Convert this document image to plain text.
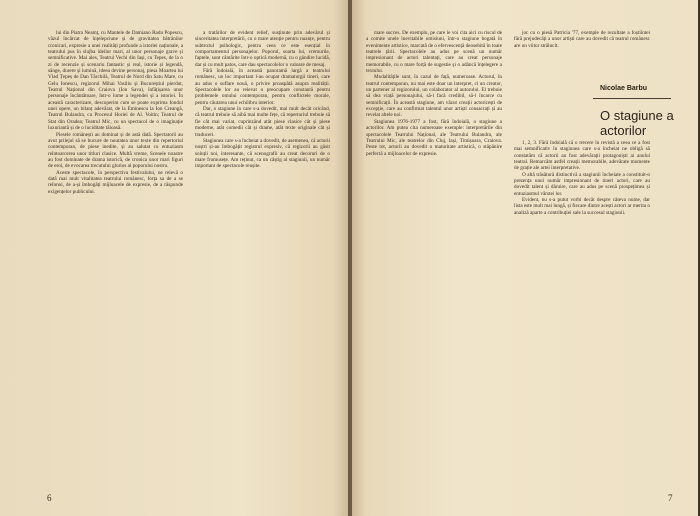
lui din Piatra Neamț, cu Mantele de Damiano Radu Popescu, văzul încărcat de înțelepciune și de gravitatea bătrânilor cronicari, expresie a unei realități profunde a istoriei naționale, a teatrului pus în slujba ideilor mari, al unor personaje grave și semnificative. Mai ales, Teatrul Vechi din Iași, cu Tepes, de la o zi de recenzie și scenariu fantastic și real, istorie și legendă, sânge, durere și lumină, ideea devine personaj, piesa Moartea lui Vlad Țepeș de Dan Tărchilă, Teatrul de Nord din Satu Mare, cu Gelu Ionescu, regizorul Mihai Vasiliu și Bucureștiul pierdut, Teatrul Național din Craiova (Ion Sava), înfățișarea unor personaje încântătoare, într-o lume a legendei și a istoriei. În această caracterizare, descoperim cum se poate exprima fondul unei opere, un bilanț adevărat, de la Eminescu la Ion Creangă, Teatrul Bulandra, cu Procesul Horiei de Al. Voitin; Teatrul de Stat din Oradea; Teatrul Mic, cu un spectacol de o imaginație luxuriantă și de o luciditate tăioasă.

Piesele românești au dominat și de astă dată. Spectatorii au avut prilejul să se bucure de noutatea unor texte din repertoriul contemporan, de piese inedite, și au salutat cu entuziasm reîntoarcerea unor titluri clasice. Multă vreme, Scenele noastre au fost dominate de drama istorică, de cronica unor mari figuri de eroi, de evocarea trecutului glorios al poporului nostru.

Aceste spectacole, în perspectiva festivalului, ne relevă o dată mai mult vitalitatea teatrului românesc, forța sa de a se reînnoi, de a-și îmbogăți mijloacele de expresie, de a răspunde exigențelor publicului.

a tratărilor de evident relief, susținute prin adevărul și sinceritatea interpretării, cu o mare atenție pentru nuanțe, pentru subtextul psihologic, pentru ceea ce este esențial în comportamentul personajelor. Poporul, soarta lui, vremurile, faptele, sunt cântărite într-o optică modernă, cu o gândire lucidă, dar și cu mult patos, care dau spectacolelor o valoare de mesaj.

Fără îndoială, în această panoramă largă a teatrului românesc, un loc important l-au ocupat dramaturgii tineri, care au adus o suflare nouă, o privire proaspătă asupra realității. Spectacolele lor au relevat o preocupare constantă pentru problemele omului contemporan, pentru conflictele morale, pentru căutarea unui echilibru interior.

Dar, o stagiune în care s-a dovedit, mai mult decât oricând, că teatrul trebuie să aibă mai multe fețe, că repertoriul trebuie să fie cât mai variat, cuprinzând atât piese clasice cât și piese moderne, atât comedii cât și drame, atât texte originale cât și traduceri.

Stagiunea care s-a încheiat a dovedit, de asemenea, că actorii noștri și-au îmbogățit registrul expresiv, că regizorii au găsit soluții noi, interesante, că scenografii au creat decoruri de o mare frumusețe. Am reținut, ca un câștig al stagiunii, un număr important de spectacole reușite.

6

mare succes. De exemplu, pe care le voi cita aici cu riscul de a comite unele inevitabile omisiuni, într-o stagiune bogată în evenimente artistice, marcată de o efervescență deosebită în toate teatrele țării. Spectacolele au adus pe scenă un număr impresionant de actori talentați, care au creat personaje memorabile, cu o mare forță de sugestie și o adâncă înțelegere a textului.

Modalitățile sunt, în cazul de față, numeroase. Actorul, în teatrul contemporan, nu mai este doar un interpret, ci un creator, un partener al regizorului, un colaborator al autorului. El trebuie să dea viață personajului, să-l facă credibil, să-l încarce cu semnificații. În această stagiune, am văzut creații actoricești de excepție, care au confirmat talentul unor artiști consacrați și au revelat altele noi.

Stagiunea 1976-1977 a fost, fără îndoială, o stagiune a actorilor. Am putea cita numeroase exemple: interpretările din spectacolele Teatrului Național, ale Teatrului Bulandra, ale Teatrului Mic, ale teatrelor din Cluj, Iași, Timișoara, Craiova. Peste tot, actorii au dovedit o maturitate artistică, o stăpânire perfectă a mijloacelor de expresie.

joc cu o piesă Patricia '77, exemple de rezultate a foștiintei fără prejudecăți a unor artiști care au dovedit că teatrul românesc are un viitor strălucit.

Nicolae Barbu
O stagiune a actorilor

1, 2, 3. Fără îndoială că o trecere în revistă a ceea ce a fost mai semnificativ în stagiunea care s-a încheiat ne obligă să constatăm că actorii au fost adevărații protagoniști ai anului teatral. Remarcăm astfel creații memorabile, adevărate momente de grație ale artei interpretative.

O altă trăsătură distinctivă a stagiunii încheiate a constituit-o prezența unui număr impresionant de tineri actori, care au dovedit talent și dăruire, care au adus pe scenă prospețimea și entuziasmul vârstei lor.

Evident, nu s-a putut vorbi decât despre câteva nume, dar lista este mult mai lungă, și fiecare dintre acești actori ar merita o analiză aparte a contribuției sale la succesul stagiunii.

7
